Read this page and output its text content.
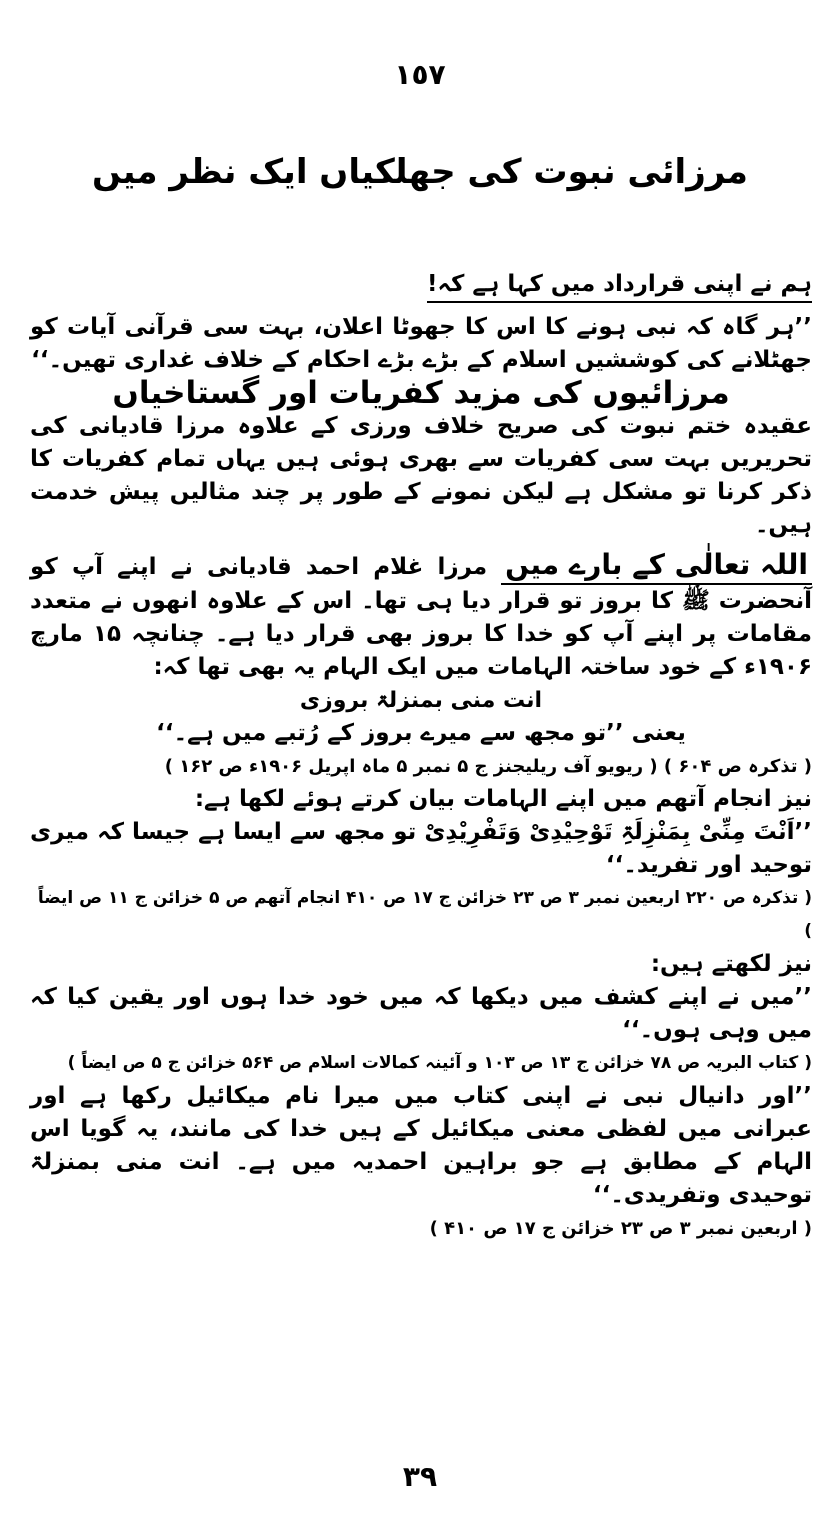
١٥٧
مرزائی نبوت کی جھلکیاں ایک نظر میں

ہم نے اپنی قرارداد میں کہا ہے کہ!

’’ہر گاہ کہ نبی ہونے کا اس کا جھوٹا اعلان، بہت سی قرآنی آیات کو جھٹلانے کی کوششیں اسلام کے بڑے بڑے احکام کے خلاف غداری تھیں۔‘‘

مرزائیوں کی مزید کفریات اور گستاخیاں

عقیدہ ختم نبوت کی صریح خلاف ورزی کے علاوہ مرزا قادیانی کی تحریریں بہت سی کفریات سے بھری ہوئی ہیں یہاں تمام کفریات کا ذکر کرنا تو مشکل ہے لیکن نمونے کے طور پر چند مثالیں پیش خدمت ہیں۔

اللہ تعالٰی کے بارے میںمرزا غلام احمد قادیانی نے اپنے آپ کو آنحضرت ﷺ کا بروز تو قرار دیا ہی تھا۔ اس کے علاوہ انھوں نے متعدد مقامات پر اپنے آپ کو خدا کا بروز بھی قرار دیا ہے۔ چنانچہ ۱۵ مارچ ۱۹۰۶ء کے خود ساختہ الہامات میں ایک الہام یہ بھی تھا کہ:

انت منی بمنزلۃ بروزی

یعنی ’’تو مجھ سے میرے بروز کے رُتبے میں ہے۔‘‘

( تذکرہ ص ۶۰۴ ) ( ریویو آف ریلیجنز ج ۵ نمبر ۵ ماہ اپریل ۱۹۰۶ء ص ۱۶۲ )

نیز انجام آتھم میں اپنے الہامات بیان کرتے ہوئے لکھا ہے:

’’اَنْتَ مِنِّیْ بِمَنْزِلَۃِ تَوْحِیْدِیْ وَتَفْرِیْدِیْ تو مجھ سے ایسا ہے جیسا کہ میری توحید اور تفرید۔‘‘

( تذکرہ ص ۲۲۰ اربعین نمبر ۳ ص ۲۳ خزائن ج ۱۷ ص ۴۱۰ انجام آتھم ص ۵ خزائن ج ۱۱ ص ایضاً )

نیز لکھتے ہیں:

’’میں نے اپنے کشف میں دیکھا کہ میں خود خدا ہوں اور یقین کیا کہ میں وہی ہوں۔‘‘

( کتاب البریہ ص ۷۸ خزائن ج ۱۳ ص ۱۰۳ و آئینہ کمالات اسلام ص ۵۶۴ خزائن ج ۵ ص ایضاً )

’’اور دانیال نبی نے اپنی کتاب میں میرا نام میکائیل رکھا ہے اور عبرانی میں لفظی معنی میکائیل کے ہیں خدا کی مانند، یہ گویا اس الہام کے مطابق ہے جو براہین احمدیہ میں ہے۔ انت منی بمنزلۃ توحیدی وتفریدی۔‘‘

( اربعین نمبر ۳ ص ۲۳ خزائن ج ۱۷ ص ۴۱۰ )

٣٩
